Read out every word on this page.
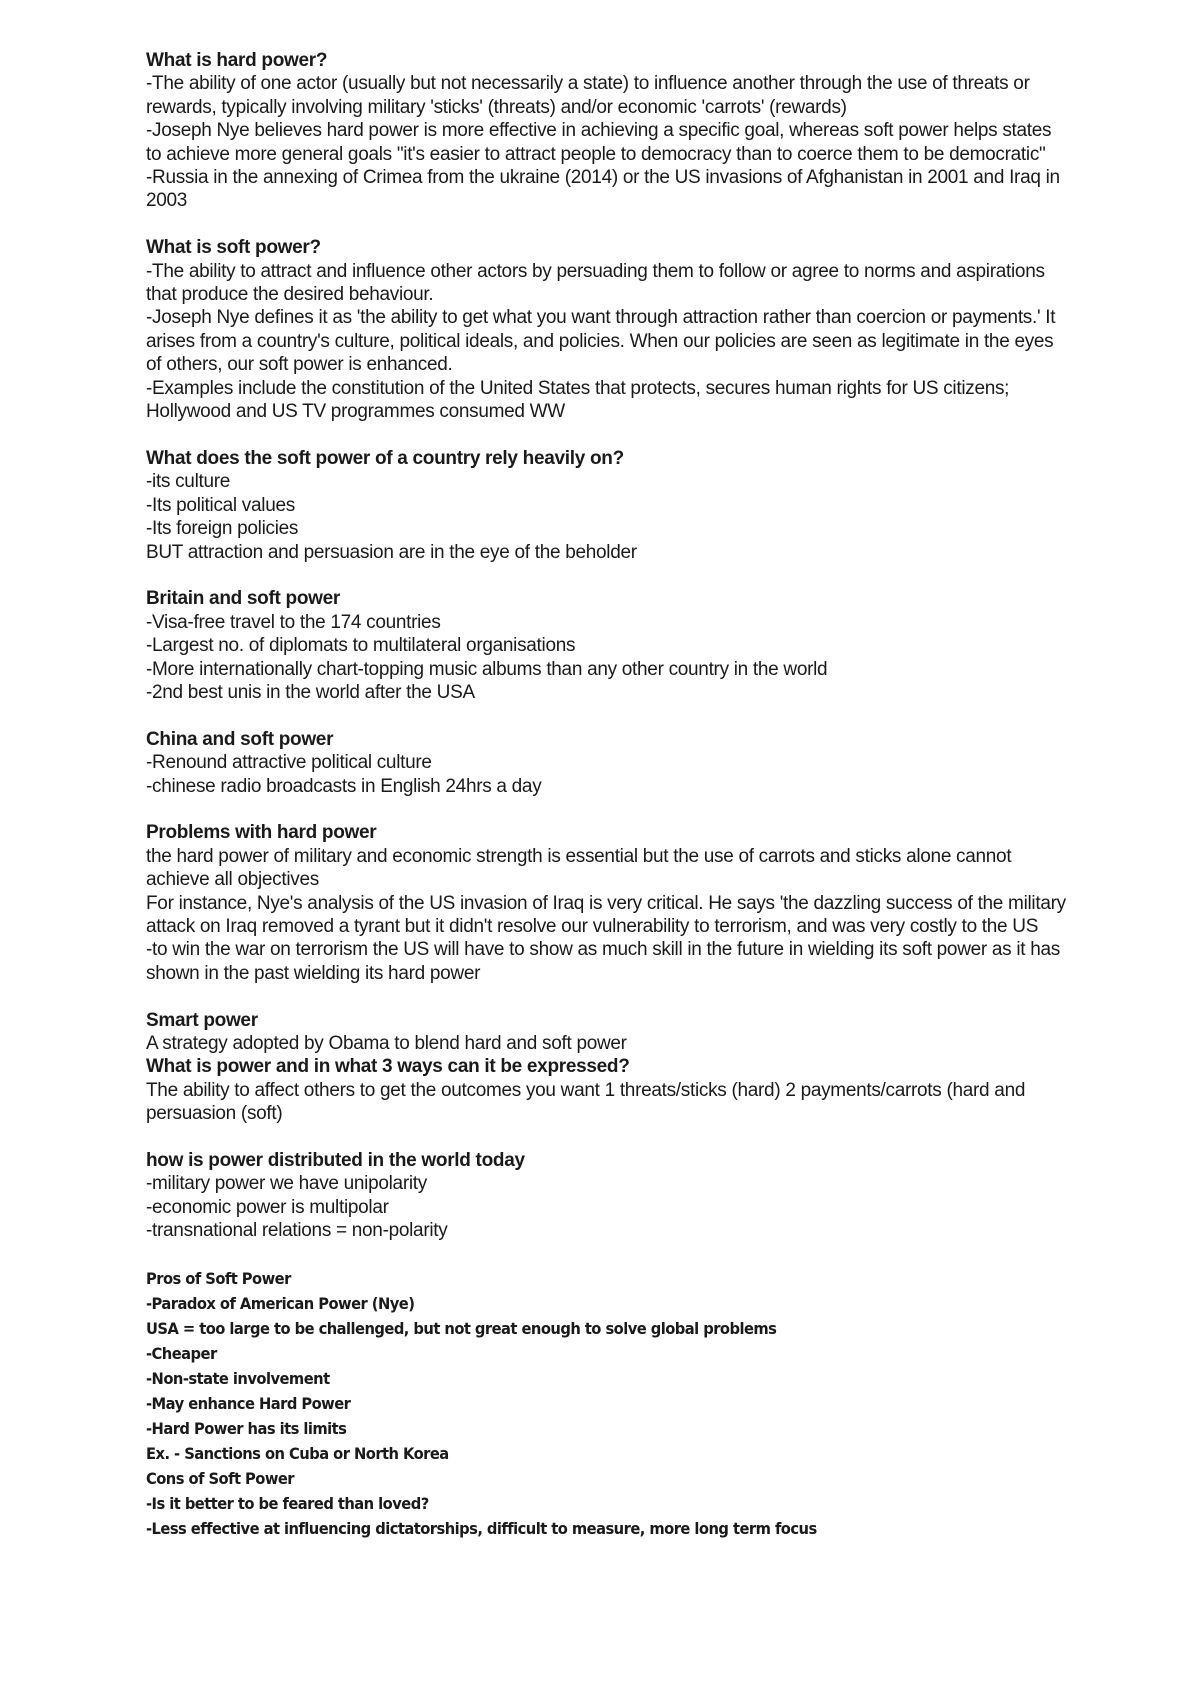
What is hard power?
-The ability of one actor (usually but not necessarily a state) to influence another through the use of threats or rewards, typically involving military 'sticks' (threats) and/or economic 'carrots' (rewards)
-Joseph Nye believes hard power is more effective in achieving a specific goal, whereas soft power helps states to achieve more general goals "it's easier to attract people to democracy than to coerce them to be democratic"
-Russia in the annexing of Crimea from the ukraine (2014) or the US invasions of Afghanistan in 2001 and Iraq in 2003
What is soft power?
-The ability to attract and influence other actors by persuading them to follow or agree to norms and aspirations that produce the desired behaviour.
-Joseph Nye defines it as 'the ability to get what you want through attraction rather than coercion or payments.' It arises from a country's culture, political ideals, and policies. When our policies are seen as legitimate in the eyes of others, our soft power is enhanced.
-Examples include the constitution of the United States that protects, secures human rights for US citizens; Hollywood and US TV programmes consumed WW
What does the soft power of a country rely heavily on?
-its culture
-Its political values
-Its foreign policies
BUT attraction and persuasion are in the eye of the beholder
Britain and soft power
-Visa-free travel to the 174 countries
-Largest no. of diplomats to multilateral organisations
-More internationally chart-topping music albums than any other country in the world
-2nd best unis in the world after the USA
China and soft power
-Renound attractive political culture
-chinese radio broadcasts in English 24hrs a day
Problems with hard power
the hard power of military and economic strength is essential but the use of carrots and sticks alone cannot achieve all objectives
For instance, Nye's analysis of the US invasion of Iraq is very critical. He says 'the dazzling success of the military attack on Iraq removed a tyrant but it didn't resolve our vulnerability to terrorism, and was very costly to the US
-to win the war on terrorism the US will have to show as much skill in the future in wielding its soft power as it has shown in the past wielding its hard power
Smart power
A strategy adopted by Obama to blend hard and soft power
What is power and in what 3 ways can it be expressed?
The ability to affect others to get the outcomes you want 1 threats/sticks (hard) 2 payments/carrots (hard and persuasion (soft)
how is power distributed in the world today
-military power we have unipolarity
-economic power is multipolar
-transnational relations = non-polarity
Pros of Soft Power
-Paradox of American Power (Nye)
USA = too large to be challenged, but not great enough to solve global problems
-Cheaper
-Non-state involvement
-May enhance Hard Power
-Hard Power has its limits
Ex. - Sanctions on Cuba or North Korea
Cons of Soft Power
-Is it better to be feared than loved?
-Less effective at influencing dictatorships, difficult to measure, more long term focus
